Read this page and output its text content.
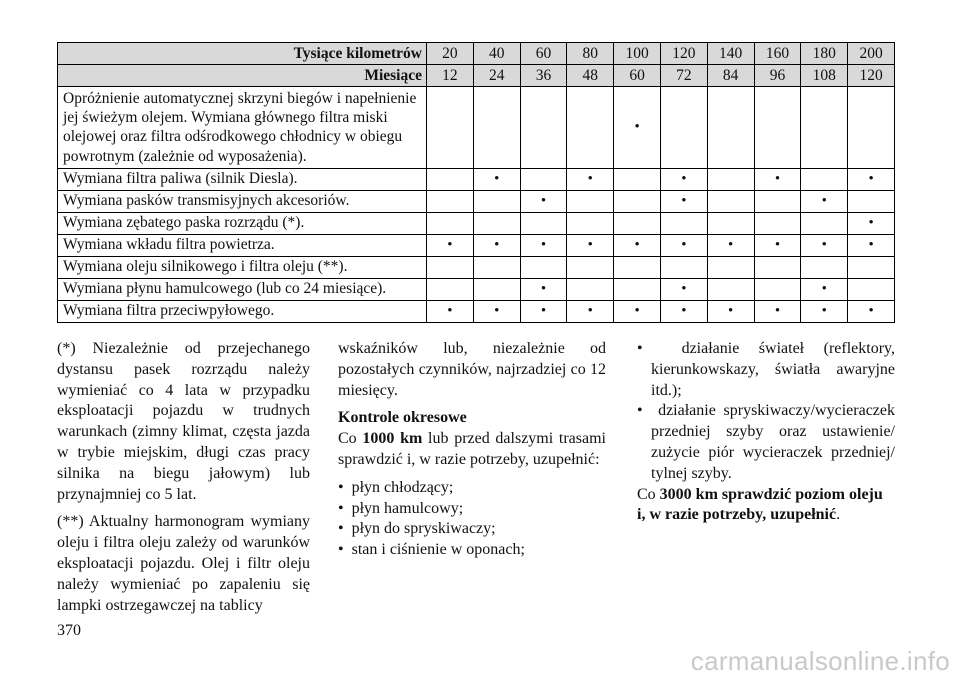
Tysiące kilometrów	20	40	60	80	100	120	140	160	180	200
Miesiące	12	24	36	48	60	72	84	96	108	120
Opróżnienie automatycznej skrzyni biegów i napełnienie jej świeżym olejem. Wymiana głównego filtra miski olejowej oraz filtra odśrodkowego chłodnicy w obiegu powrotnym (zależnie od wyposażenia).					•					
Wymiana filtra paliwa (silnik Diesla).		•		•		•		•		•
Wymiana pasków transmisyjnych akcesoriów.			•			•			•	
Wymiana zębatego paska rozrządu (*).										•
Wymiana wkładu filtra powietrza.	•	•	•	•	•	•	•	•	•	•
Wymiana oleju silnikowego i filtra oleju (**).										
Wymiana płynu hamulcowego (lub co 24 miesiące).			•			•			•	
Wymiana filtra przeciwpyłowego.	•	•	•	•	•	•	•	•	•	•

(*) Niezależnie od przejechanego dystansu pasek rozrządu należy wymieniać co 4 lata w przypadku eksploatacji pojazdu w trudnych warunkach (zimny klimat, częsta jazda w trybie miejskim, długi czas pracy silnika na biegu jałowym) lub przynajmniej co 5 lat.

(**) Aktualny harmonogram wymiany oleju i filtra oleju zależy od warunków eksploatacji pojazdu. Olej i filtr oleju należy wymieniać po zapaleniu się lampki ostrzegawczej na tablicy

wskaźników lub, niezależnie od pozostałych czynników, najrzadziej co 12 miesięcy.

Kontrole okresowe

Co 1000 km lub przed dalszymi trasami sprawdzić i, w razie potrzeby, uzupełnić:

•  płyn chłodzący;

•  płyn hamulcowy;

•  płyn do spryskiwaczy;

•  stan i ciśnienie w oponach;

•  działanie świateł (reflektory, kierunkowskazy, światła awaryjne itd.);

•  działanie spryskiwaczy/wycieraczek przedniej szyby oraz ustawienie/ zużycie piór wycieraczek przedniej/ tylnej szyby.

Co 3000 km sprawdzić poziom oleju i, w razie potrzeby, uzupełnić.

370
carmanualsonline.info
